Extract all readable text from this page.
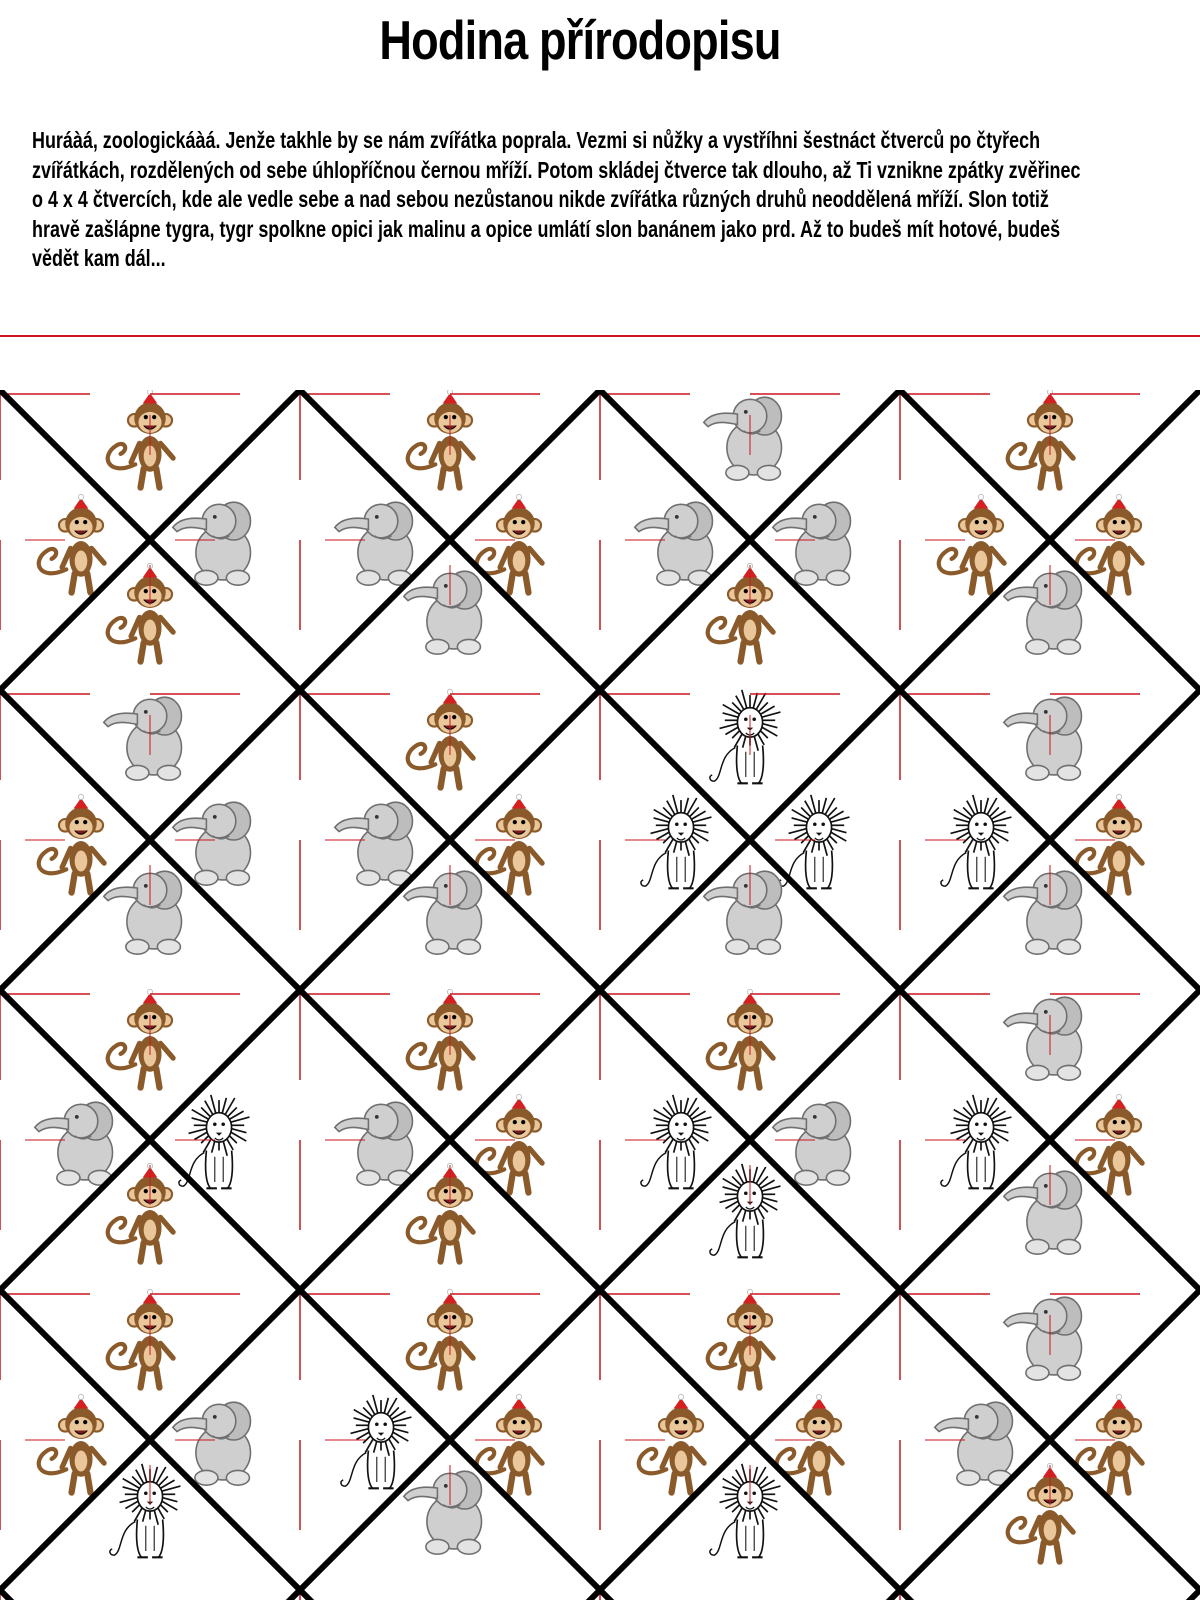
Hodina přírodopisu
Huráàá, zoologickáàá. Jenže takhle by se nám zvířátka poprala. Vezmi si nůžky a vystříhni šestnáct čtverců po čtyřech
zvířátkách, rozdělených od sebe úhlopříčnou černou mříží. Potom skládej čtverce tak dlouho, až Ti vznikne zpátky zvěřinec
o 4 x 4 čtvercích, kde ale vedle sebe a nad sebou nezůstanou nikde zvířátka různých druhů neoddělená mříží. Slon totiž
hravě zašlápne tygra, tygr spolkne opici jak malinu a opice umlátí slon banánem jako prd. Až to budeš mít hotové, budeš
vědět kam dál...
